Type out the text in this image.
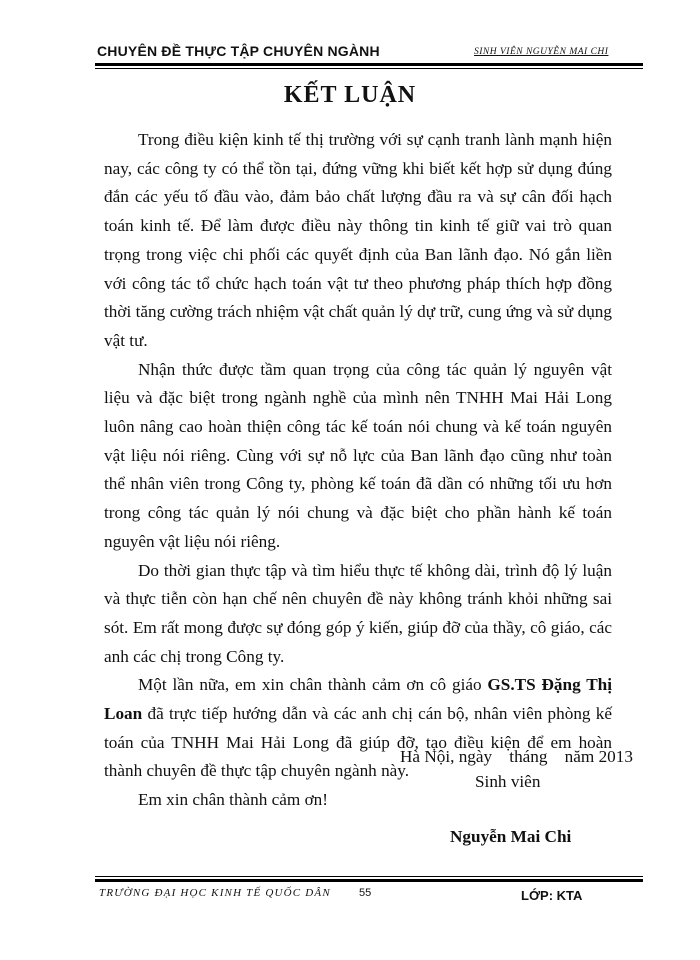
CHUYÊN ĐỀ THỰC TẬP CHUYÊN NGÀNH	SINH VIÊN NGUYỄN MAI CHI
KẾT LUẬN

Trong điều kiện kinh tế thị trường với sự cạnh tranh lành mạnh hiện nay, các công ty có thể tồn tại, đứng vững khi biết kết hợp sử dụng đúng đắn các yếu tố đầu vào, đảm bảo chất lượng đầu ra và sự cân đối hạch toán kinh tế. Để làm được điều này thông tin kinh tế giữ vai trò quan trọng trong việc chi phối các quyết định của Ban lãnh đạo. Nó gắn liền với công tác tổ chức hạch toán vật tư theo phương pháp thích hợp đồng thời tăng cường trách nhiệm vật chất quản lý dự trữ, cung ứng và sử dụng vật tư.

Nhận thức được tầm quan trọng của công tác quản lý nguyên vật liệu và đặc biệt trong ngành nghề của mình nên TNHH Mai Hải Long luôn nâng cao hoàn thiện công tác kế toán nói chung và kế toán nguyên vật liệu nói riêng. Cùng với sự nỗ lực của Ban lãnh đạo cũng như toàn thể nhân viên trong Công ty, phòng kế toán đã dần có những tối ưu hơn trong công tác quản lý nói chung và đặc biệt cho phần hành kế toán nguyên vật liệu nói riêng.

Do thời gian thực tập và tìm hiểu thực tế không dài, trình độ lý luận và thực tiễn còn hạn chế nên chuyên đề này không tránh khỏi những sai sót. Em rất mong được sự đóng góp ý kiến, giúp đỡ của thầy, cô giáo, các anh các chị trong Công ty.

Một lần nữa, em xin chân thành cảm ơn cô giáo GS.TS Đặng Thị Loan đã trực tiếp hướng dẫn và các anh chị cán bộ, nhân viên phòng kế toán của TNHH Mai Hải Long đã giúp đỡ, tạo điều kiện để em hoàn thành chuyên đề thực tập chuyên ngành này.

Em xin chân thành cảm ơn!

Hà Nội, ngày    tháng    năm 2013
Sinh viên
Nguyễn Mai Chi
TRƯỜNG ĐẠI HỌC KINH TẾ QUỐC DÂN	55	LỚP: KTA
